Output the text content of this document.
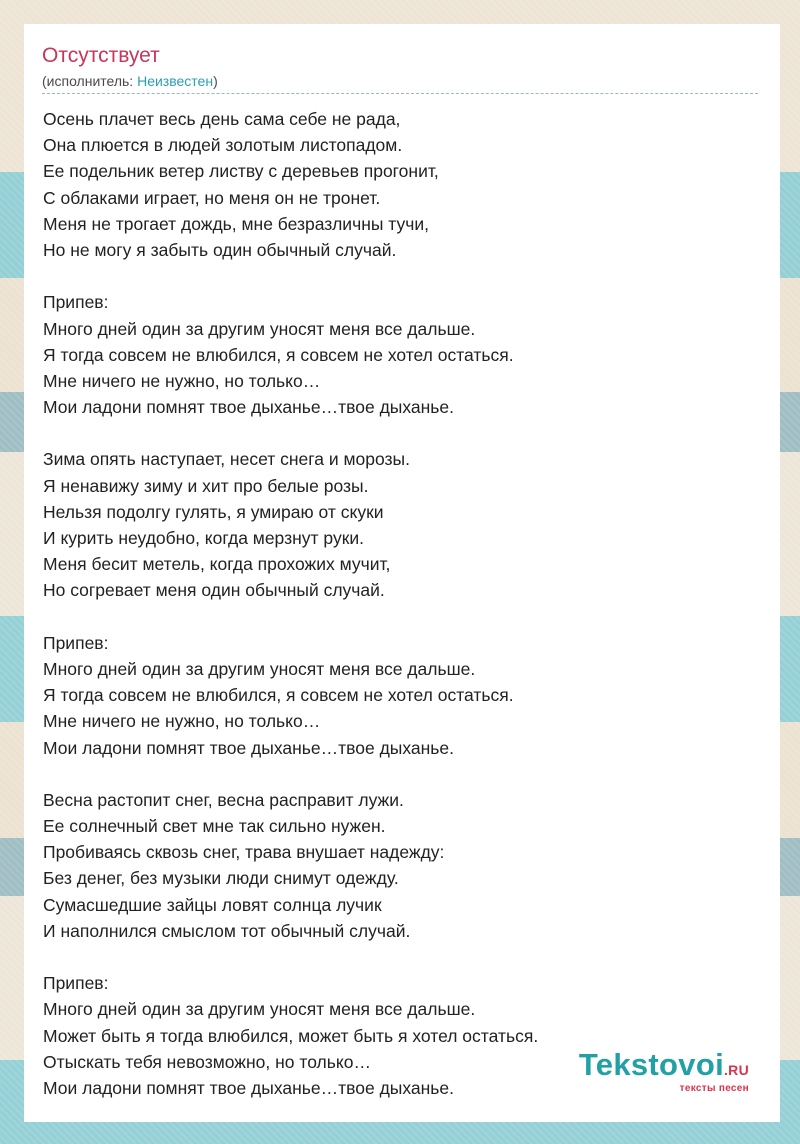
Отсутствует
(исполнитель: Неизвестен)
Осень плачет весь день сама себе не рада,
Она плюется в людей золотым листопадом.
Ее подельник ветер листву с деревьев прогонит,
С облаками играет, но меня он не тронет.
Меня не трогает дождь, мне безразличны тучи,
Но не могу я забыть один обычный случай.
Припев:
Много дней один за другим уносят меня все дальше.
Я тогда совсем не влюбился, я совсем не хотел остаться.
Мне ничего не нужно, но только…
Мои ладони помнят твое дыханье…твое дыханье.
Зима опять наступает, несет снега и морозы.
Я ненавижу зиму и хит про белые розы.
Нельзя подолгу гулять, я умираю от скуки
И курить неудобно, когда мерзнут руки.
Меня бесит метель, когда прохожих мучит,
Но согревает меня один обычный случай.
Припев:
Много дней один за другим уносят меня все дальше.
Я тогда совсем не влюбился, я совсем не хотел остаться.
Мне ничего не нужно, но только…
Мои ладони помнят твое дыханье…твое дыханье.
Весна растопит снег, весна расправит лужи.
Ее солнечный свет мне так сильно нужен.
Пробиваясь сквозь снег, трава внушает надежду:
Без денег, без музыки люди снимут одежду.
Сумасшедшие зайцы ловят солнца лучик
И наполнился смыслом тот обычный случай.
Припев:
Много дней один за другим уносят меня все дальше.
Может быть я тогда влюбился, может быть я хотел остаться.
Отыскать тебя невозможно, но только…
Мои ладони помнят твое дыханье…твое дыханье.
Tekstovoi.RU
тексты песен
